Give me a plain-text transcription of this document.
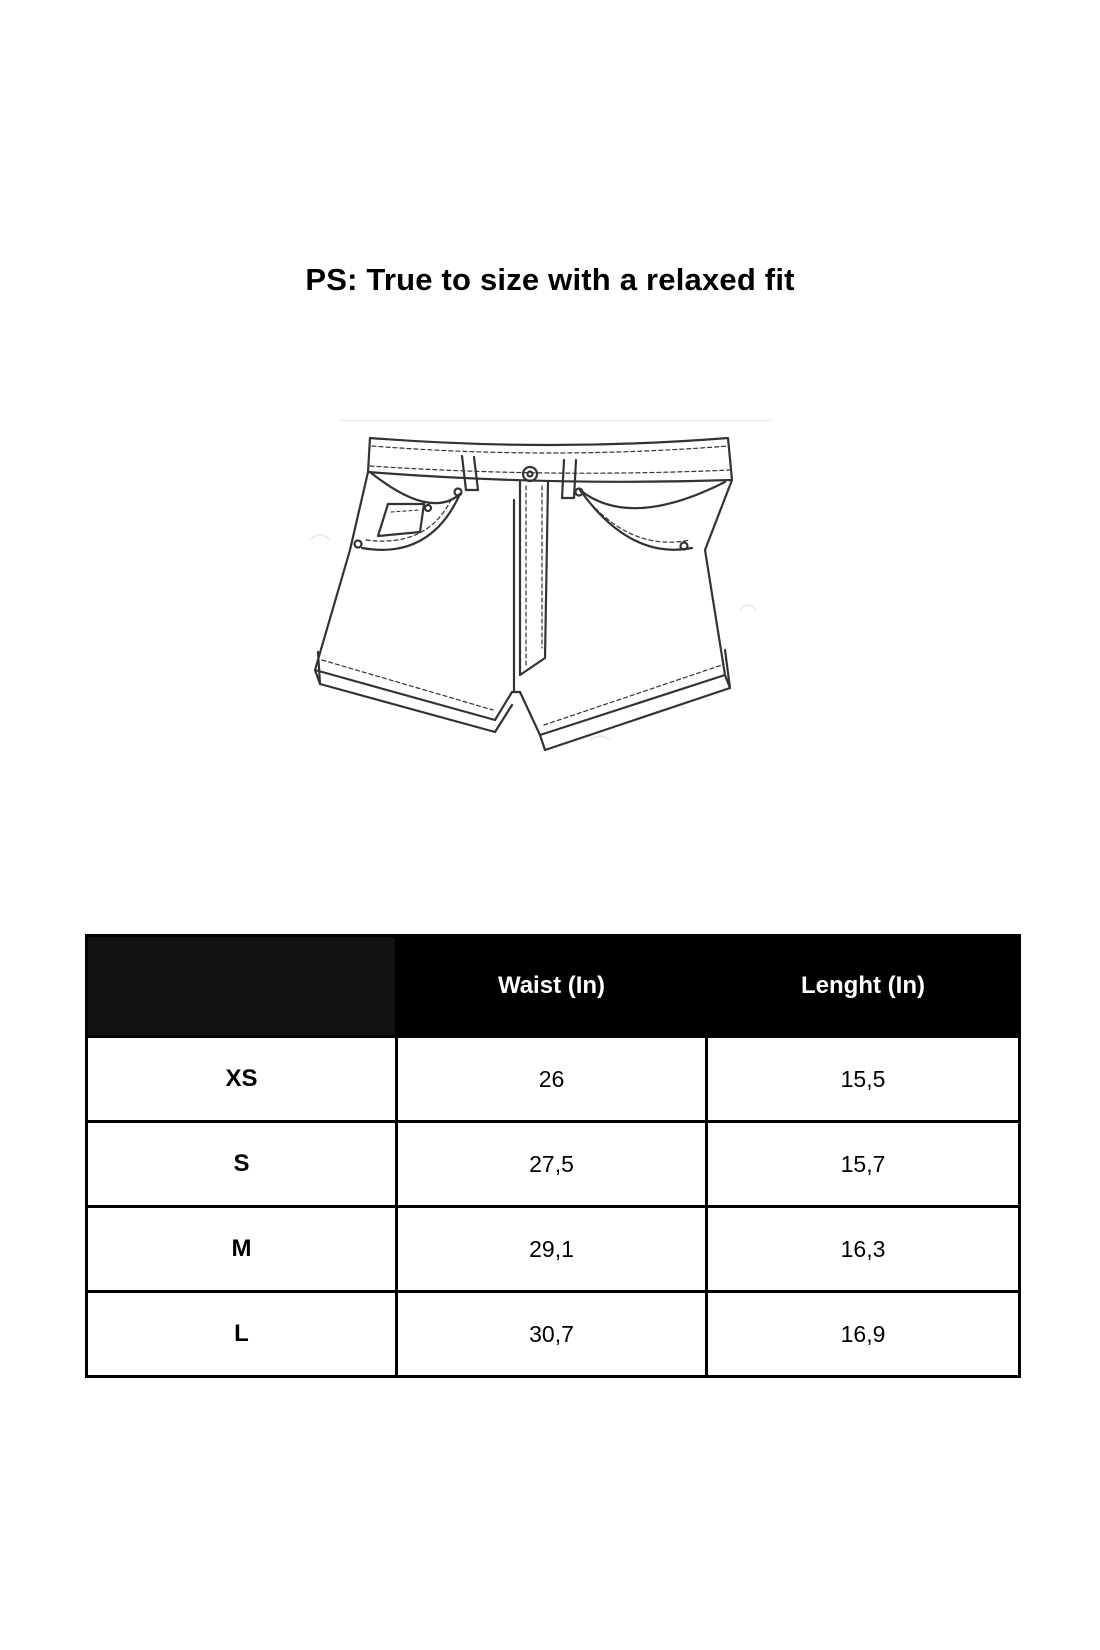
PS: True to size with a relaxed fit
	Waist (In)	Lenght (In)
XS	26	15,5
S	27,5	15,7
M	29,1	16,3
L	30,7	16,9
